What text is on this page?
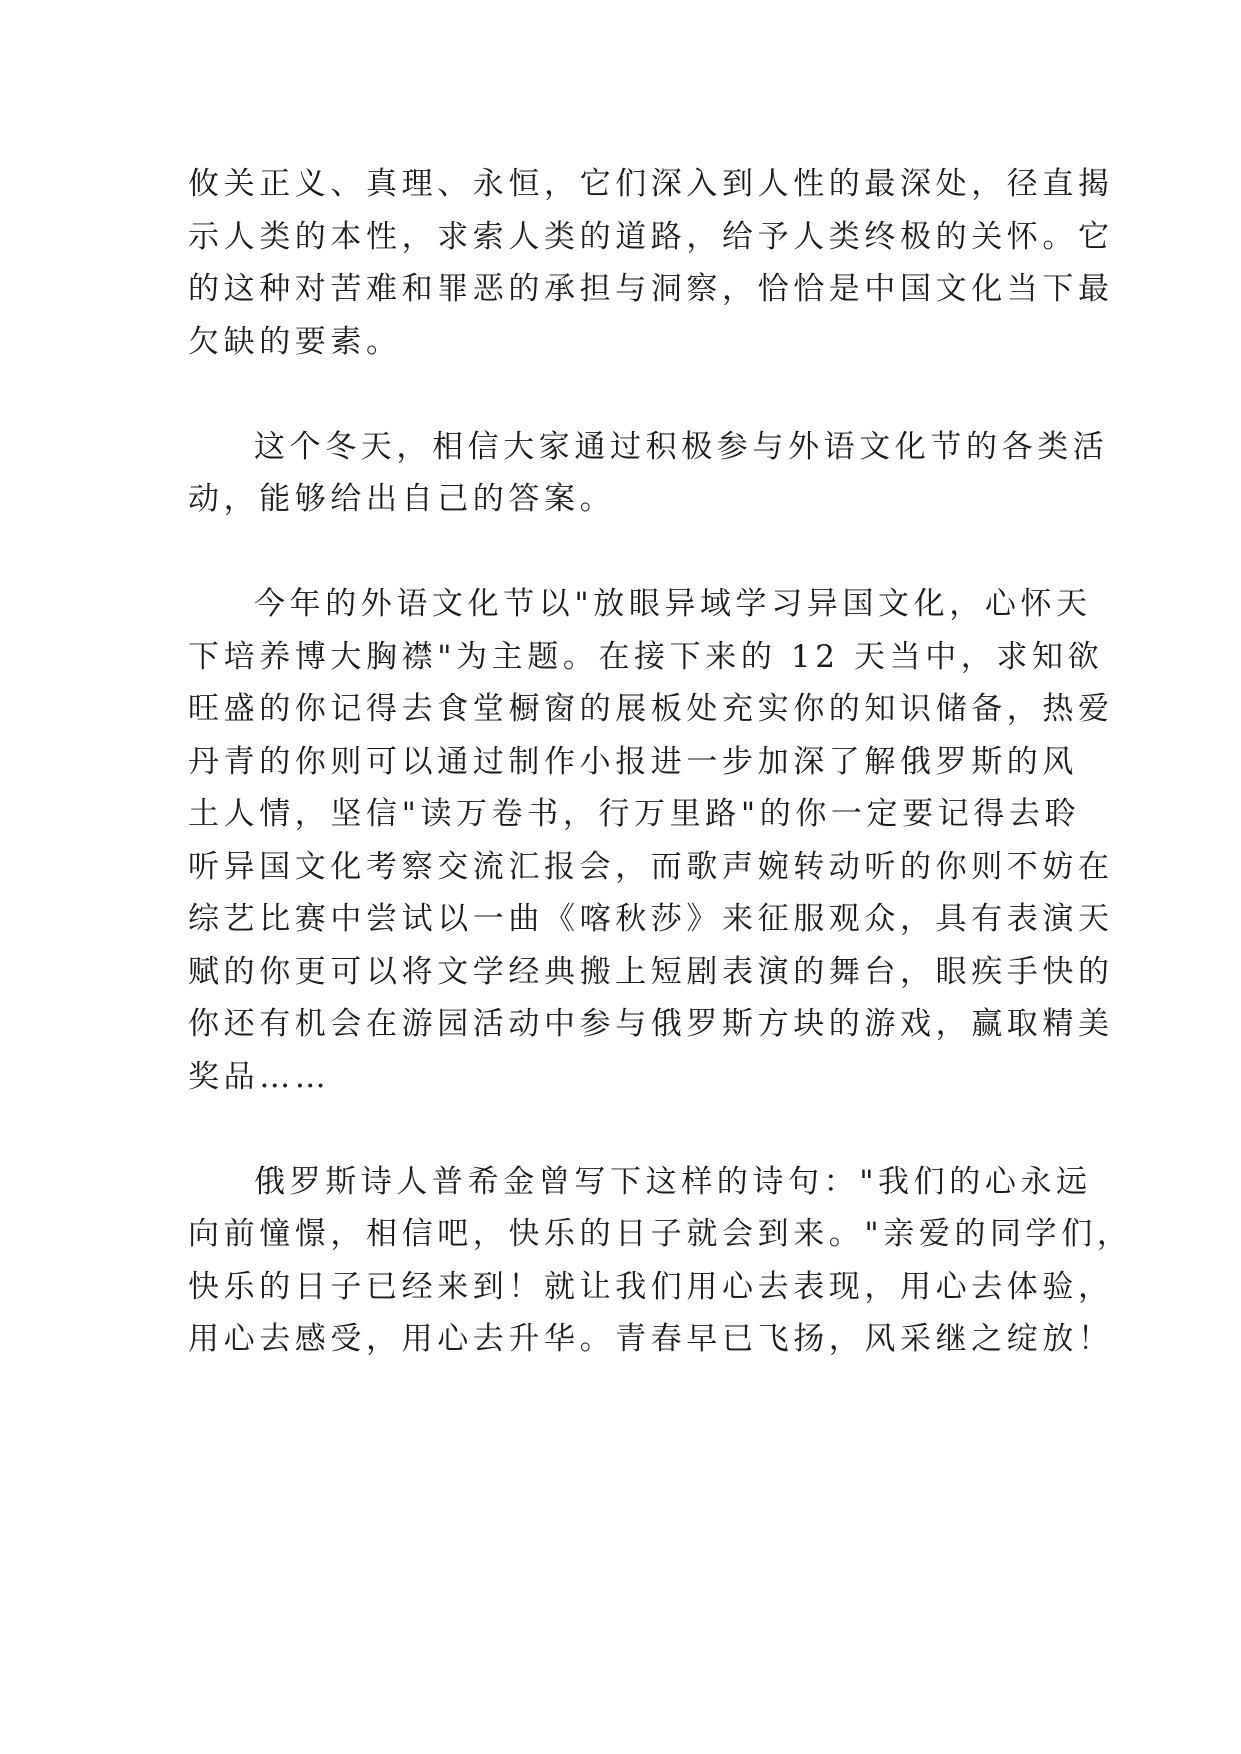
攸关正义、真理、永恒，它们深入到人性的最深处，径直揭
示人类的本性，求索人类的道路，给予人类终极的关怀。它
的这种对苦难和罪恶的承担与洞察，恰恰是中国文化当下最
欠缺的要素。
这个冬天，相信大家通过积极参与外语文化节的各类活
动，能够给出自己的答案。
今年的外语文化节以"放眼异域学习异国文化，心怀天
下培养博大胸襟"为主题。在接下来的 12 天当中，求知欲
旺盛的你记得去食堂橱窗的展板处充实你的知识储备，热爱
丹青的你则可以通过制作小报进一步加深了解俄罗斯的风
土人情，坚信"读万卷书，行万里路"的你一定要记得去聆
听异国文化考察交流汇报会，而歌声婉转动听的你则不妨在
综艺比赛中尝试以一曲《喀秋莎》来征服观众，具有表演天
赋的你更可以将文学经典搬上短剧表演的舞台，眼疾手快的
你还有机会在游园活动中参与俄罗斯方块的游戏，赢取精美
奖品……
俄罗斯诗人普希金曾写下这样的诗句："我们的心永远
向前憧憬，相信吧，快乐的日子就会到来。"亲爱的同学们，
快乐的日子已经来到！就让我们用心去表现，用心去体验，
用心去感受，用心去升华。青春早已飞扬，风采继之绽放！
